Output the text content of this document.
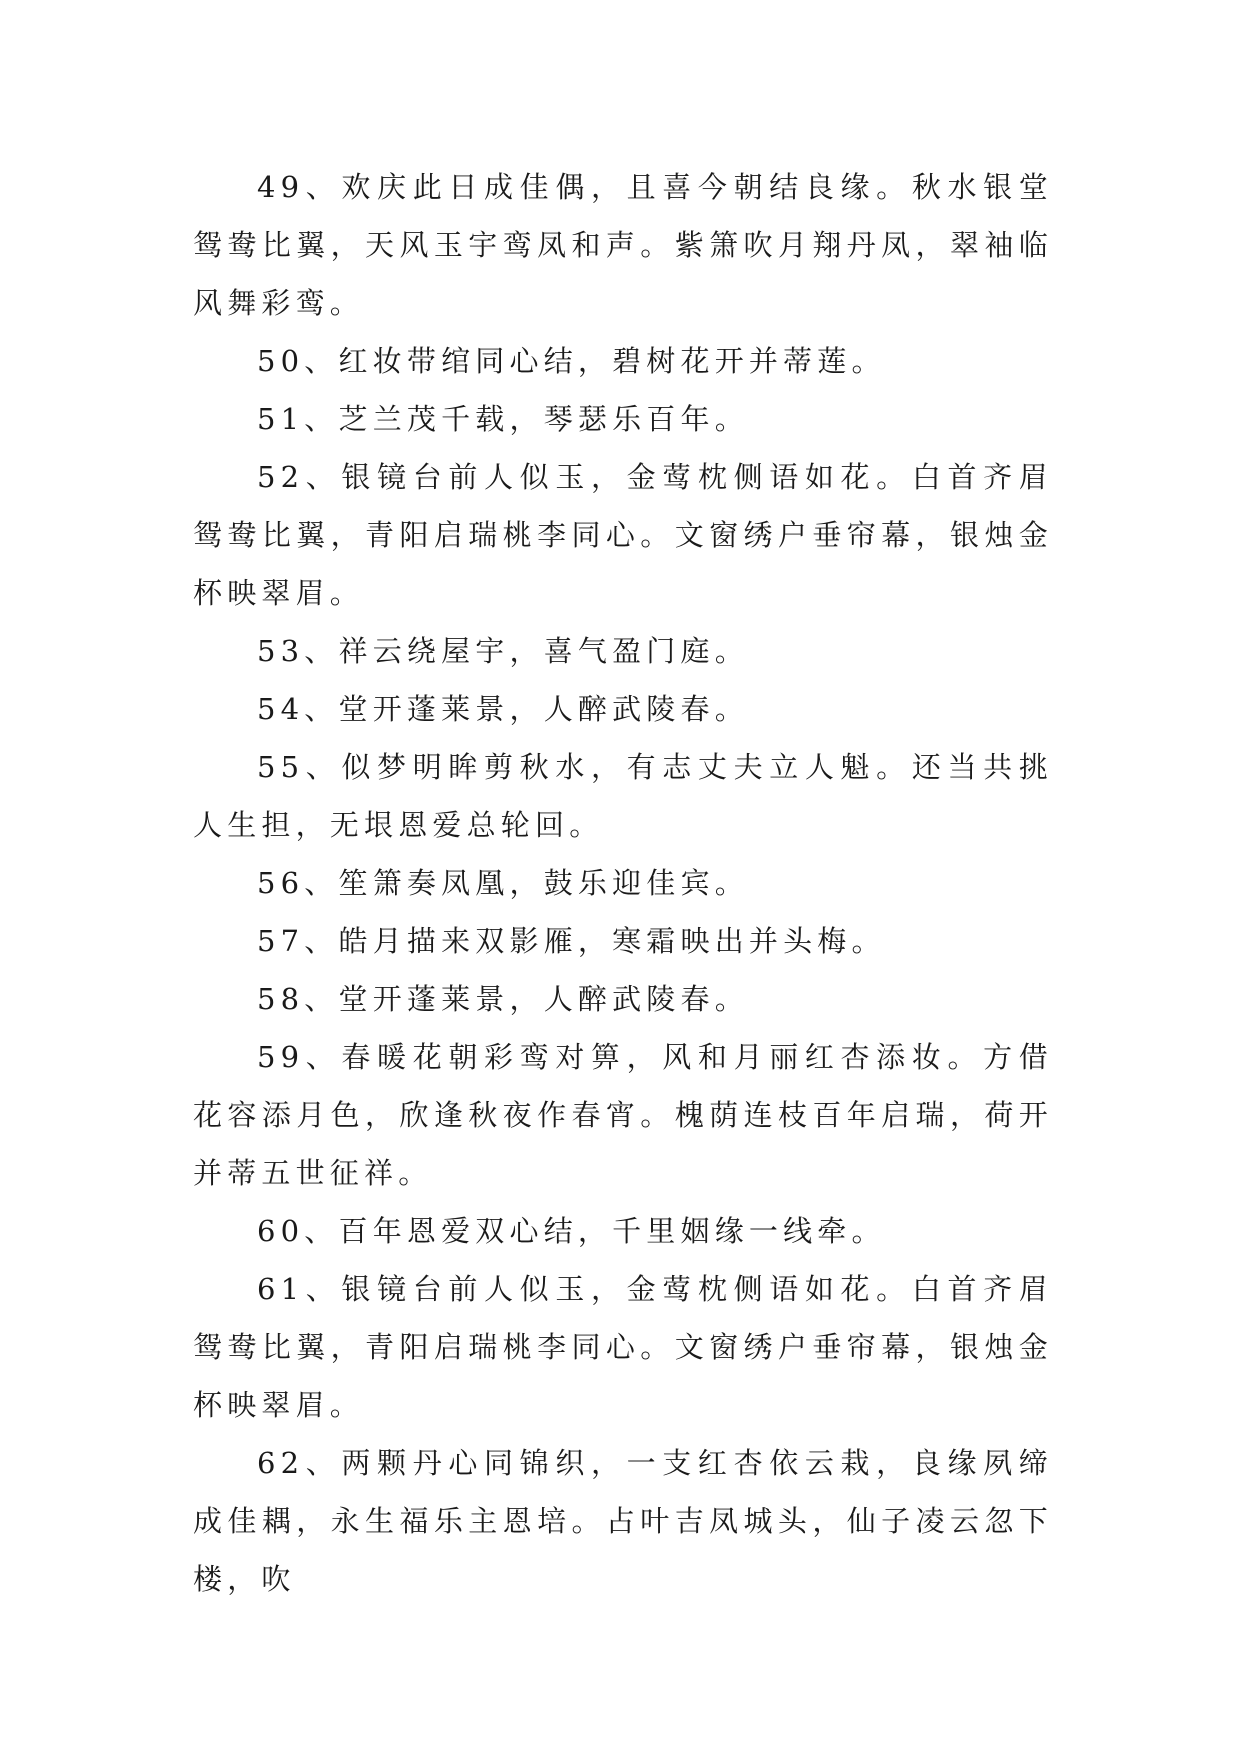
49、欢庆此日成佳偶，且喜今朝结良缘。秋水银堂鸳鸯比翼，天风玉宇鸾凤和声。紫箫吹月翔丹凤，翠袖临风舞彩鸾。

50、红妆带绾同心结，碧树花开并蒂莲。

51、芝兰茂千载，琴瑟乐百年。

52、银镜台前人似玉，金莺枕侧语如花。白首齐眉鸳鸯比翼，青阳启瑞桃李同心。文窗绣户垂帘幕，银烛金杯映翠眉。

53、祥云绕屋宇，喜气盈门庭。

54、堂开蓬莱景，人醉武陵春。

55、似梦明眸剪秋水，有志丈夫立人魁。还当共挑人生担，无垠恩爱总轮回。

56、笙箫奏凤凰，鼓乐迎佳宾。

57、皓月描来双影雁，寒霜映出并头梅。

58、堂开蓬莱景，人醉武陵春。

59、春暖花朝彩鸾对箅，风和月丽红杏添妆。方借花容添月色，欣逢秋夜作春宵。槐荫连枝百年启瑞，荷开并蒂五世征祥。

60、百年恩爱双心结，千里姻缘一线牵。

61、银镜台前人似玉，金莺枕侧语如花。白首齐眉鸳鸯比翼，青阳启瑞桃李同心。文窗绣户垂帘幕，银烛金杯映翠眉。

62、两颗丹心同锦织，一支红杏依云栽，良缘夙缔成佳耦，永生福乐主恩培。占叶吉凤城头，仙子凌云忽下楼，吹
